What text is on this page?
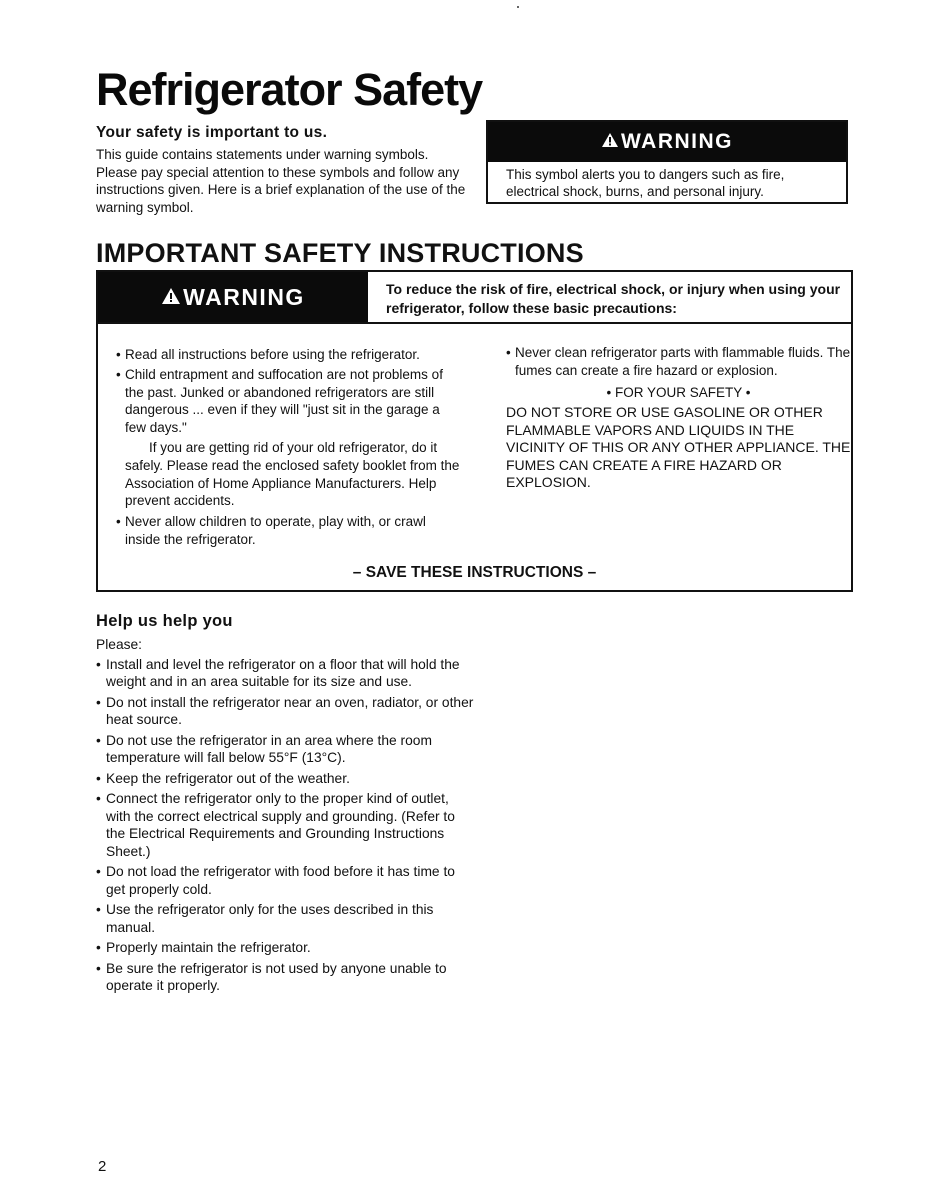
Refrigerator Safety
Your safety is important to us.
This guide contains statements under warning symbols. Please pay special attention to these symbols and follow any instructions given. Here is a brief explanation of the use of the warning symbol.
WARNING
This symbol alerts you to dangers such as fire, electrical shock, burns, and personal injury.
IMPORTANT SAFETY INSTRUCTIONS
WARNING	To reduce the risk of fire, electrical shock, or injury when using your refrigerator, follow these basic precautions:
• Read all instructions before using the refrigerator.
• Child entrapment and suffocation are not problems of the past. Junked or abandoned refrigerators are still dangerous ... even if they will "just sit in the garage a few days."
If you are getting rid of your old refrigerator, do it safely. Please read the enclosed safety booklet from the Association of Home Appliance Manufacturers. Help prevent accidents.
• Never allow children to operate, play with, or crawl inside the refrigerator.
• Never clean refrigerator parts with flammable fluids. The fumes can create a fire hazard or explosion.
• FOR YOUR SAFETY •
DO NOT STORE OR USE GASOLINE OR OTHER FLAMMABLE VAPORS AND LIQUIDS IN THE VICINITY OF THIS OR ANY OTHER APPLIANCE. THE FUMES CAN CREATE A FIRE HAZARD OR EXPLOSION.
– SAVE THESE INSTRUCTIONS –
Help us help you
Please:
• Install and level the refrigerator on a floor that will hold the weight and in an area suitable for its size and use.
• Do not install the refrigerator near an oven, radiator, or other heat source.
• Do not use the refrigerator in an area where the room temperature will fall below 55°F (13°C).
• Keep the refrigerator out of the weather.
• Connect the refrigerator only to the proper kind of outlet, with the correct electrical supply and grounding. (Refer to the Electrical Requirements and Grounding Instructions Sheet.)
• Do not load the refrigerator with food before it has time to get properly cold.
• Use the refrigerator only for the uses described in this manual.
• Properly maintain the refrigerator.
• Be sure the refrigerator is not used by anyone unable to operate it properly.
2
